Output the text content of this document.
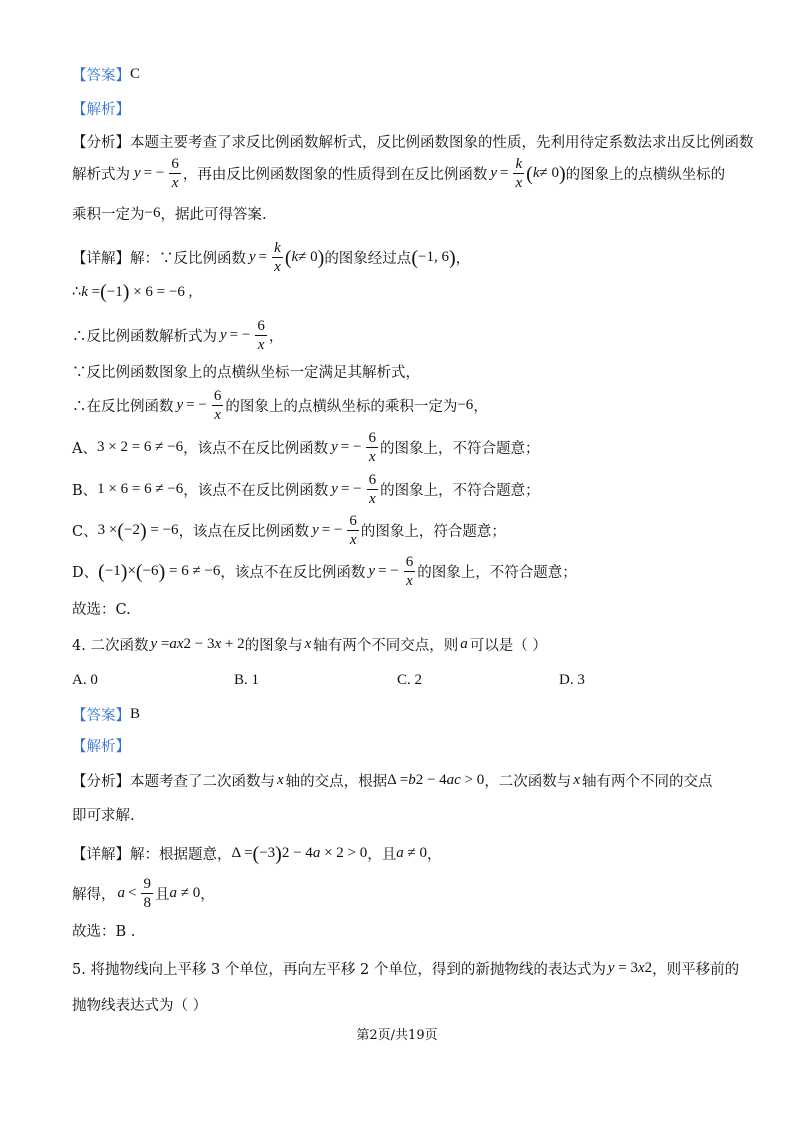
【答案】 C
【解析】
【分析】 本题主要考查了求反比例函数解析式，反比例函数图象的性质，先利用待定系数法求出反比例函数
解析式为 y = − $\frac{6}{x}$ ，再由反比例函数图象的性质得到在反比例函数 $y = \frac{k}{x}$ ( k ≠ 0 ) 的图象上的点横纵坐标的
乘积一定为 −6 ，据此可得答案.
【详解】 解：∵反比例函数 $y = \frac{k}{x}$ ( k ≠ 0 ) 的图象经过点 ( −1, 6 ) ，
∴ k = ( −1 ) × 6 = −6 ,
∴反比例函数解析式为 y = − $\frac{6}{x}$ ，
∵反比例函数图象上的点横纵坐标一定满足其解析式，
∴在反比例函数 y = − $\frac{6}{x}$ 的图象上的点横纵坐标的乘积一定为 −6 ，
A、 3 × 2 = 6 ≠ −6 ，该点不在反比例函数 y = − $\frac{6}{x}$ 的图象上，不符合题意；
B、 1 × 6 = 6 ≠ −6 ，该点不在反比例函数 y = − $\frac{6}{x}$ 的图象上，不符合题意；
C、 3 × ( −2 ) = −6 ，该点在反比例函数 y = − $\frac{6}{x}$ 的图象上，符合题意；
D、 ( −1 ) × ( −6 ) = 6 ≠ −6 ，该点不在反比例函数 y = − $\frac{6}{x}$ 的图象上，不符合题意；
故选：C.
4. 二次函数 y = ax 2 − 3 x + 2 的图象与 x 轴有两个不同交点，则 a 可以是（ ）
A. 0	B. 1	C. 2	D. 3
【答案】 B
【解析】
【分析】 本题考查了二次函数与 x 轴的交点，根据 Δ = b 2 − 4 ac > 0 ，二次函数与 x 轴有两个不同的交点
即可求解.
【详解】 解：根据题意， Δ = ( −3 ) 2 − 4 a × 2 > 0 ，且 a ≠ 0 ，
解得， $a < \frac{9}{8}$ 且 a ≠ 0 ，
故选：B .
5. 将抛物线向上平移 3 个单位，再向左平移 2 个单位，得到的新抛物线的表达式为 y = 3 x 2 ，则平移前的
抛物线表达式为（ ）
第2页/共19页
